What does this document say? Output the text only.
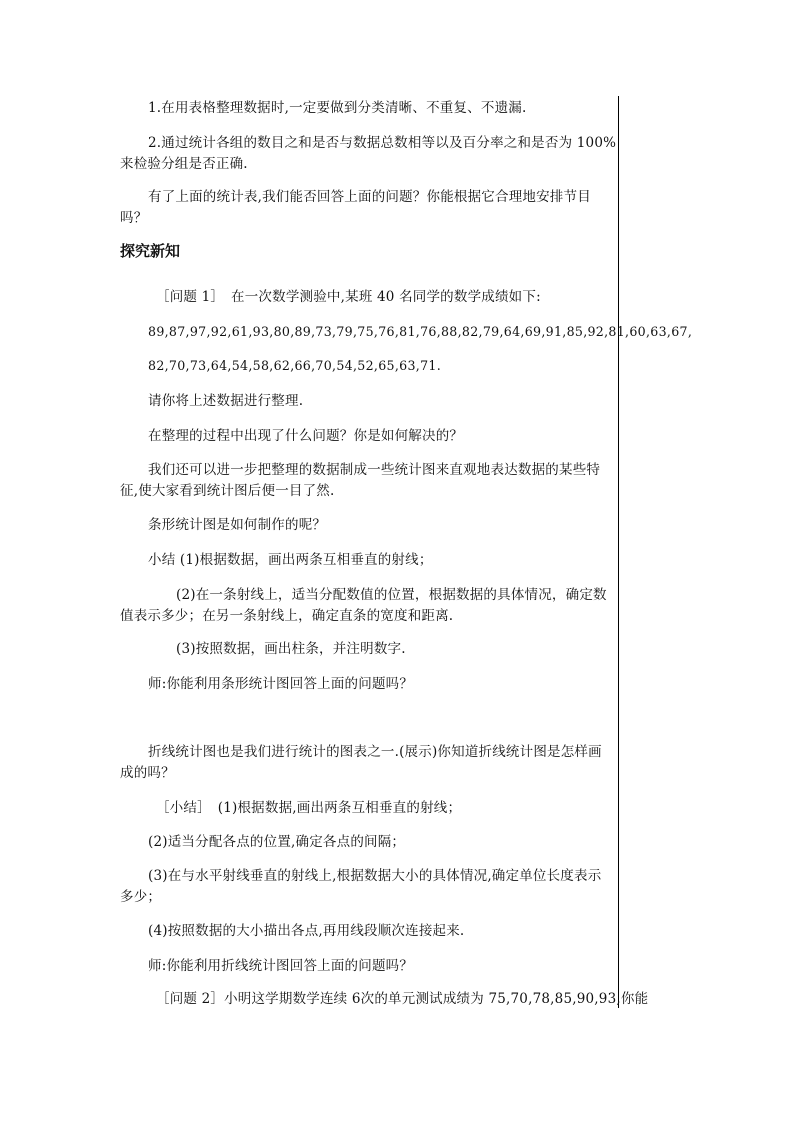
1.在用表格整理数据时,一定要做到分类清晰、不重复、不遗漏.
2.通过统计各组的数目之和是否与数据总数相等以及百分率之和是否为 100%
来检验分组是否正确.
有了上面的统计表,我们能否回答上面的问题？你能根据它合理地安排节目
吗？
探究新知
［问题 1］　在一次数学测验中,某班 40 名同学的数学成绩如下:
89,87,97,92,61,93,80,89,73,79,75,76,81,76,88,82,79,64,69,91,85,92,81,60,63,67,
82,70,73,64,54,58,62,66,70,54,52,65,63,71.
请你将上述数据进行整理.
在整理的过程中出现了什么问题？你是如何解决的？
我们还可以进一步把整理的数据制成一些统计图来直观地表达数据的某些特
征,使大家看到统计图后便一目了然.
条形统计图是如何制作的呢？
小结 (1)根据数据，画出两条互相垂直的射线；
(2)在一条射线上，适当分配数值的位置，根据数据的具体情况，确定数
值表示多少；在另一条射线上，确定直条的宽度和距离.
(3)按照数据，画出柱条，并注明数字.
师:你能利用条形统计图回答上面的问题吗？
折线统计图也是我们进行统计的图表之一.(展示)你知道折线统计图是怎样画
成的吗？
［小结］　(1)根据数据,画出两条互相垂直的射线；
(2)适当分配各点的位置,确定各点的间隔；
(3)在与水平射线垂直的射线上,根据数据大小的具体情况,确定单位长度表示
多少；
(4)按照数据的大小描出各点,再用线段顺次连接起来.
师:你能利用折线统计图回答上面的问题吗？
［问题 2］小明这学期数学连续 6次的单元测试成绩为 75,70,78,85,90,93,你能
